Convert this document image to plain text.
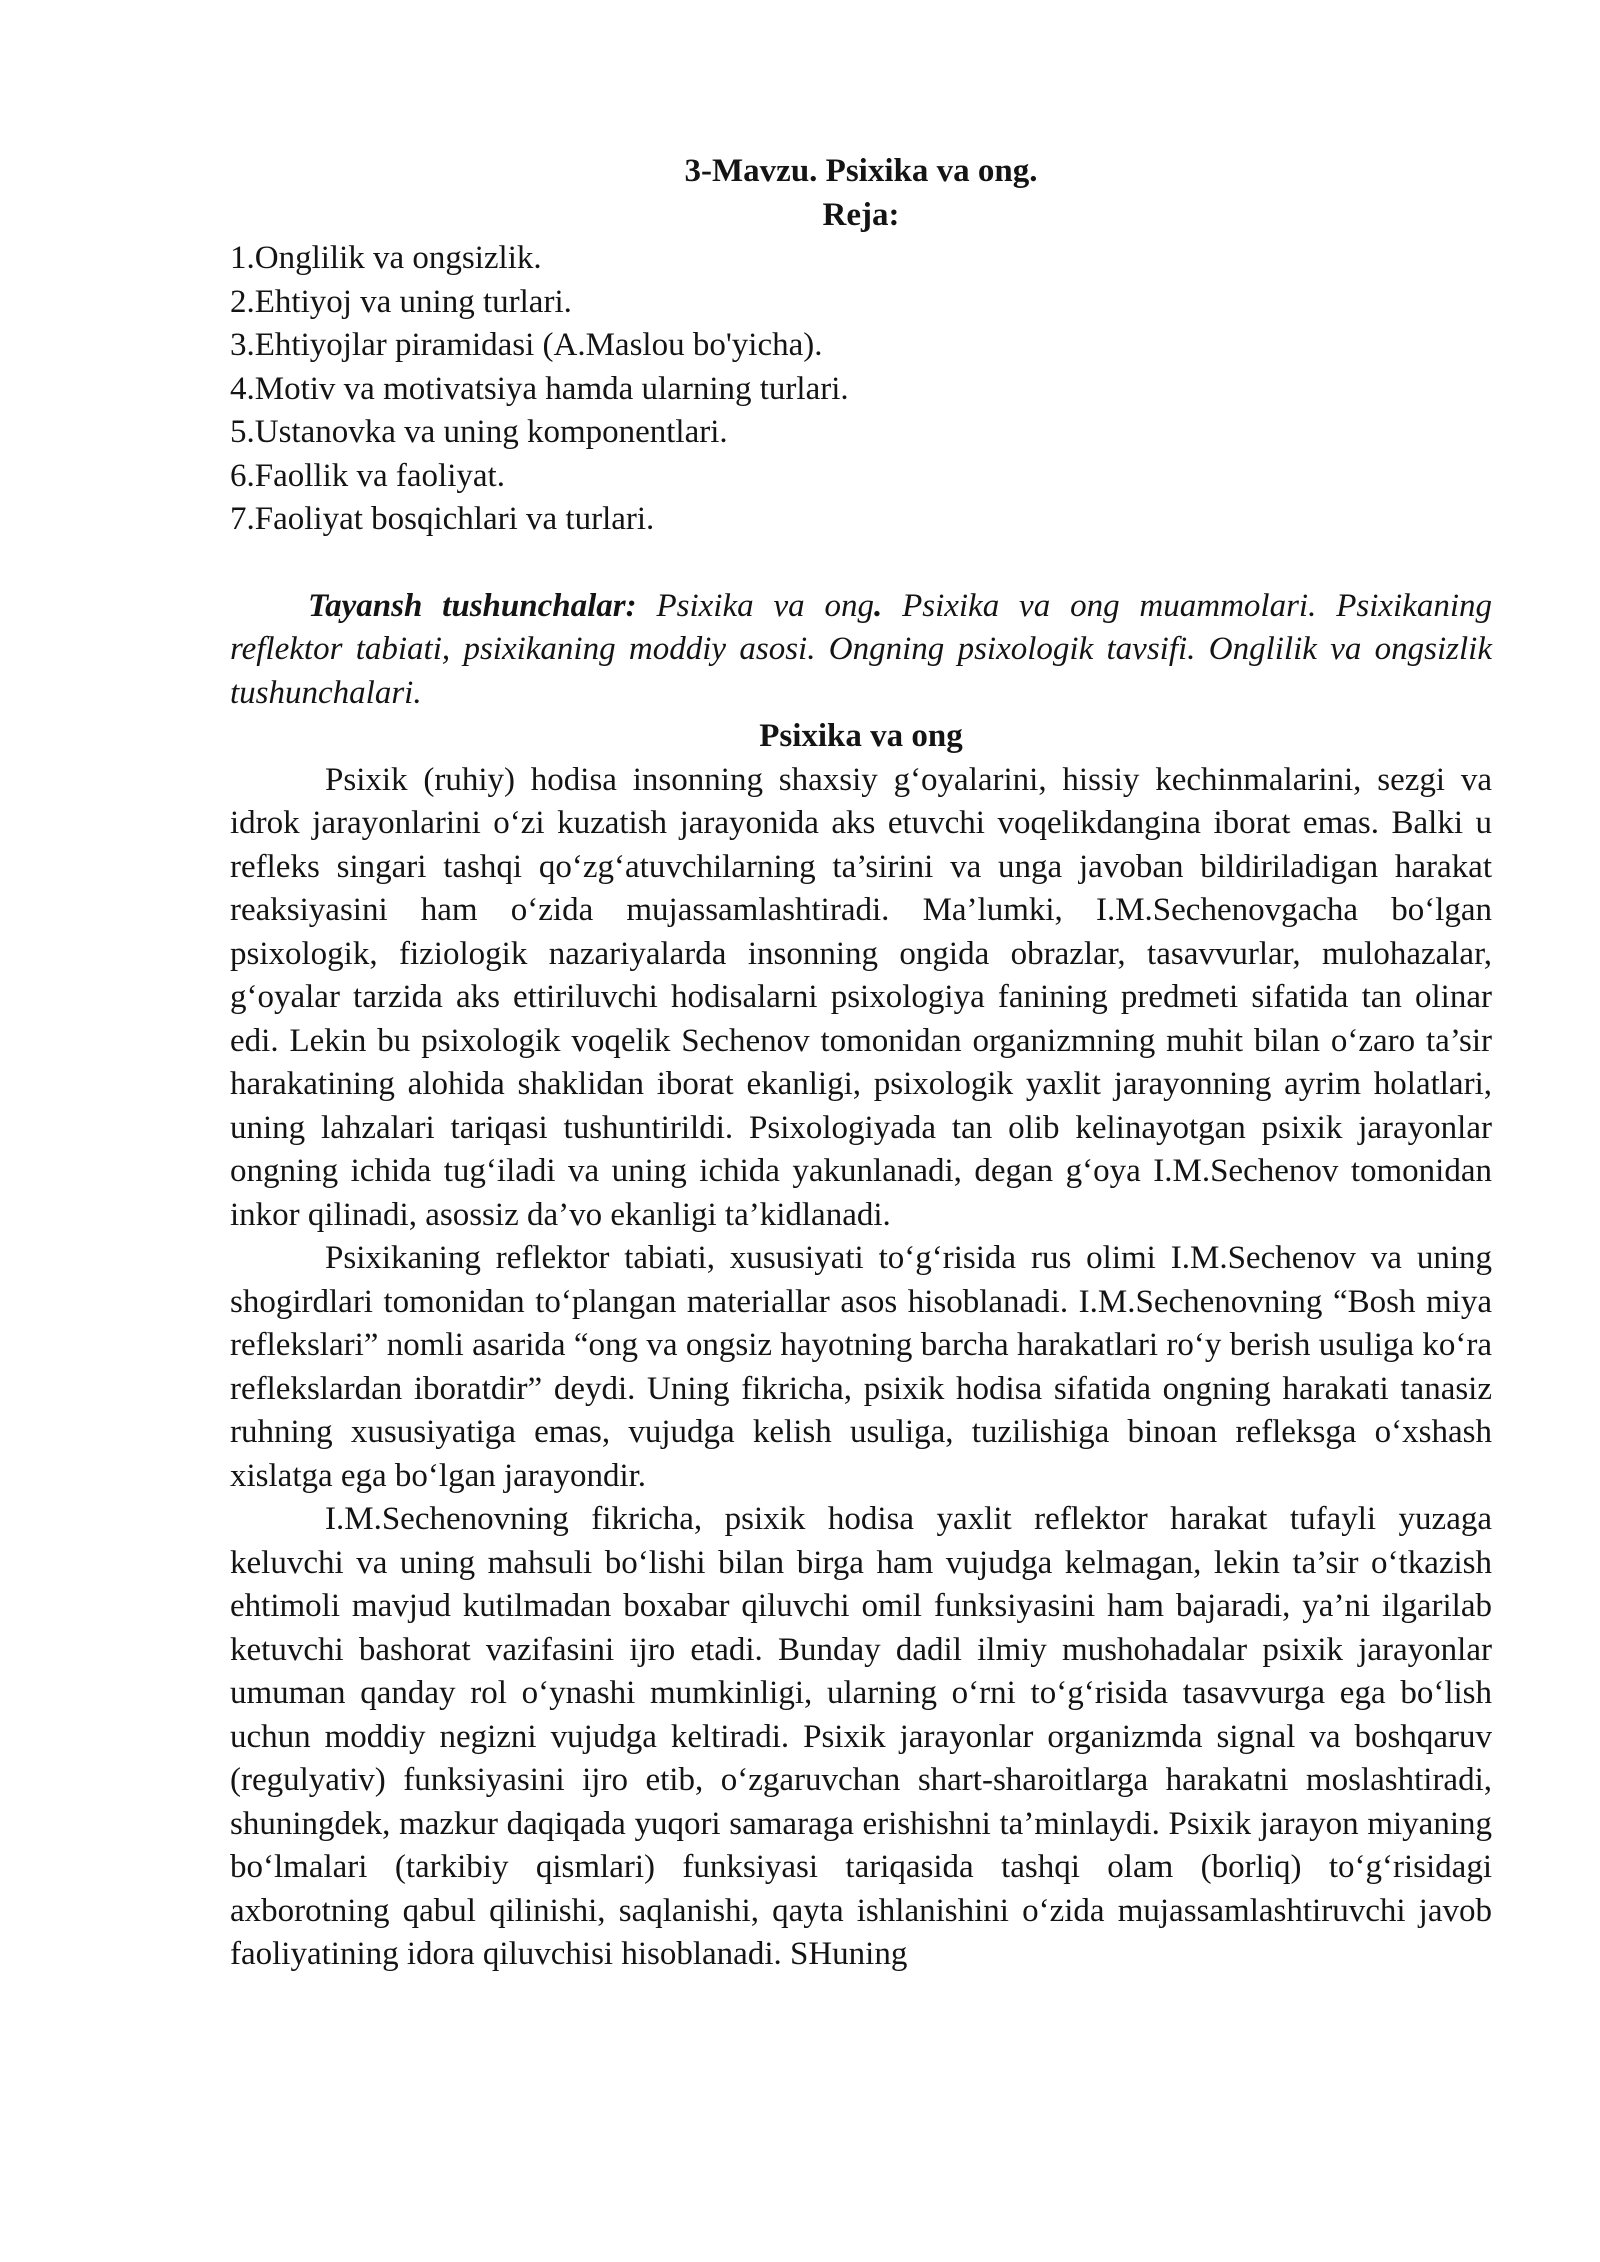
3-Mavzu. Psixika va ong.
Reja:
1.Onglilik va ongsizlik.
2.Ehtiyoj va uning turlari.
3.Ehtiyojlar piramidasi (A.Maslou bo'yicha).
4.Motiv va motivatsiya hamda ularning turlari.
5.Ustanovka va uning komponentlari.
6.Faollik va faoliyat.
7.Faoliyat bosqichlari va turlari.

Tayansh tushunchalar: Psixika va ong. Psixika va ong muammolari. Psixikaning reflektor tabiati, psixikaning moddiy asosi. Ongning psixologik tavsifi. Onglilik va ongsizlik tushunchalari.

Psixika va ong

Psixik (ruhiy) hodisa insonning shaxsiy g‘oyalarini, hissiy kechinmalarini, sezgi va idrok jarayonlarini o‘zi kuzatish jarayonida aks etuvchi voqelikdangina iborat emas. Balki u refleks singari tashqi qo‘zg‘atuvchilarning ta’sirini va unga javoban bildiriladigan harakat reaksiyasini ham o‘zida mujassamlashtiradi. Ma’lumki, I.M.Sechenovgacha bo‘lgan psixologik, fiziologik nazariyalarda insonning ongida obrazlar, tasavvurlar, mulohazalar, g‘oyalar tarzida aks ettiriluvchi hodisalarni psixologiya fanining predmeti sifatida tan olinar edi. Lekin bu psixologik voqelik Sechenov tomonidan organizmning muhit bilan o‘zaro ta’sir harakatining alohida shaklidan iborat ekanligi, psixologik yaxlit jarayonning ayrim holatlari, uning lahzalari tariqasi tushuntirildi. Psixologiyada tan olib kelinayotgan psixik jarayonlar ongning ichida tug‘iladi va uning ichida yakunlanadi, degan g‘oya I.M.Sechenov tomonidan inkor qilinadi, asossiz da’vo ekanligi ta’kidlanadi.

Psixikaning reflektor tabiati, xususiyati to‘g‘risida rus olimi I.M.Sechenov va uning shogirdlari tomonidan to‘plangan materiallar asos hisoblanadi. I.M.Sechenovning “Bosh miya reflekslari” nomli asarida “ong va ongsiz hayotning barcha harakatlari ro‘y berish usuliga ko‘ra reflekslardan iboratdir” deydi. Uning fikricha, psixik hodisa sifatida ongning harakati tanasiz ruhning xususiyatiga emas, vujudga kelish usuliga, tuzilishiga binoan refleksga o‘xshash xislatga ega bo‘lgan jarayondir.

I.M.Sechenovning fikricha, psixik hodisa yaxlit reflektor harakat tufayli yuzaga keluvchi va uning mahsuli bo‘lishi bilan birga ham vujudga kelmagan, lekin ta’sir o‘tkazish ehtimoli mavjud kutilmadan boxabar qiluvchi omil funksiyasini ham bajaradi, ya’ni ilgarilab ketuvchi bashorat vazifasini ijro etadi. Bunday dadil ilmiy mushohadalar psixik jarayonlar umuman qanday rol o‘ynashi mumkinligi, ularning o‘rni to‘g‘risida tasavvurga ega bo‘lish uchun moddiy negizni vujudga keltiradi. Psixik jarayonlar organizmda signal va boshqaruv (regulyativ) funksiyasini ijro etib, o‘zgaruvchan shart-sharoitlarga harakatni moslashtiradi, shuningdek, mazkur daqiqada yuqori samaraga erishishni ta’minlaydi. Psixik jarayon miyaning bo‘lmalari (tarkibiy qismlari) funksiyasi tariqasida tashqi olam (borliq) to‘g‘risidagi axborotning qabul qilinishi, saqlanishi, qayta ishlanishini o‘zida mujassamlashtiruvchi javob faoliyatining idora qiluvchisi hisoblanadi. SHuning
